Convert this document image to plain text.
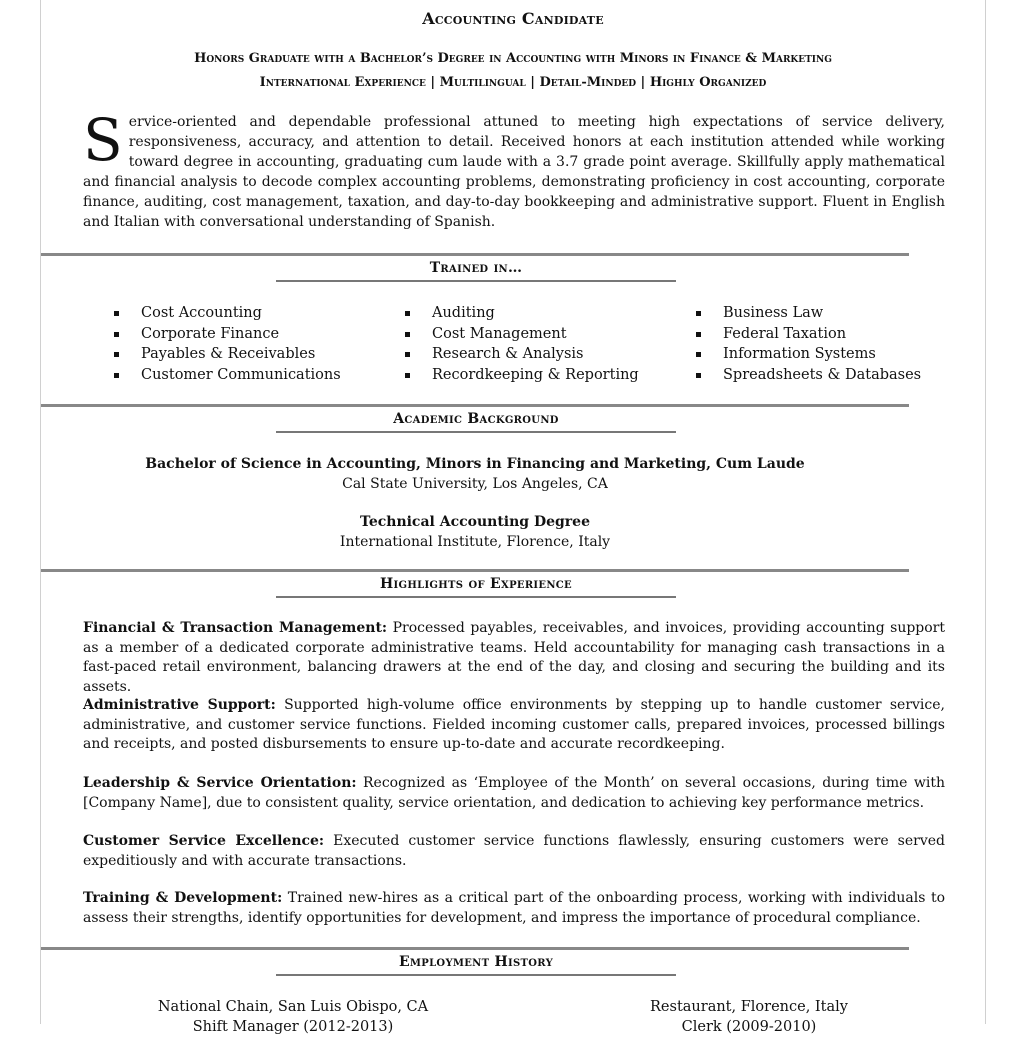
Accounting Candidate
Honors Graduate with a Bachelor’s Degree in Accounting with Minors in Finance & Marketing
International Experience | Multilingual | Detail-Minded | Highly Organized
Service-oriented and dependable professional attuned to meeting high expectations of service delivery, responsiveness, accuracy, and attention to detail. Received honors at each institution attended while working toward degree in accounting, graduating cum laude with a 3.7 grade point average. Skillfully apply mathematical and financial analysis to decode complex accounting problems, demonstrating proficiency in cost accounting, corporate finance, auditing, cost management, taxation, and day-to-day bookkeeping and administrative support. Fluent in English and Italian with conversational understanding of Spanish.
Trained in…
Cost Accounting
Corporate Finance
Payables & Receivables
Customer Communications
Auditing
Cost Management
Research & Analysis
Recordkeeping & Reporting
Business Law
Federal Taxation
Information Systems
Spreadsheets & Databases
Academic Background
Bachelor of Science in Accounting, Minors in Financing and Marketing, Cum Laude
Cal State University, Los Angeles, CA
Technical Accounting Degree
International Institute, Florence, Italy
Highlights of Experience
Financial & Transaction Management: Processed payables, receivables, and invoices, providing accounting support as a member of a dedicated corporate administrative teams. Held accountability for managing cash transactions in a fast-paced retail environment, balancing drawers at the end of the day, and closing and securing the building and its assets.
Administrative Support: Supported high-volume office environments by stepping up to handle customer service, administrative, and customer service functions. Fielded incoming customer calls, prepared invoices, processed billings and receipts, and posted disbursements to ensure up-to-date and accurate recordkeeping.
Leadership & Service Orientation: Recognized as ‘Employee of the Month’ on several occasions, during time with [Company Name], due to consistent quality, service orientation, and dedication to achieving key performance metrics.
Customer Service Excellence: Executed customer service functions flawlessly, ensuring customers were served expeditiously and with accurate transactions.
Training & Development: Trained new-hires as a critical part of the onboarding process, working with individuals to assess their strengths, identify opportunities for development, and impress the importance of procedural compliance.
Employment History
National Chain, San Luis Obispo, CA
Shift Manager (2012-2013)
Restaurant, Florence, Italy
Clerk (2009-2010)
